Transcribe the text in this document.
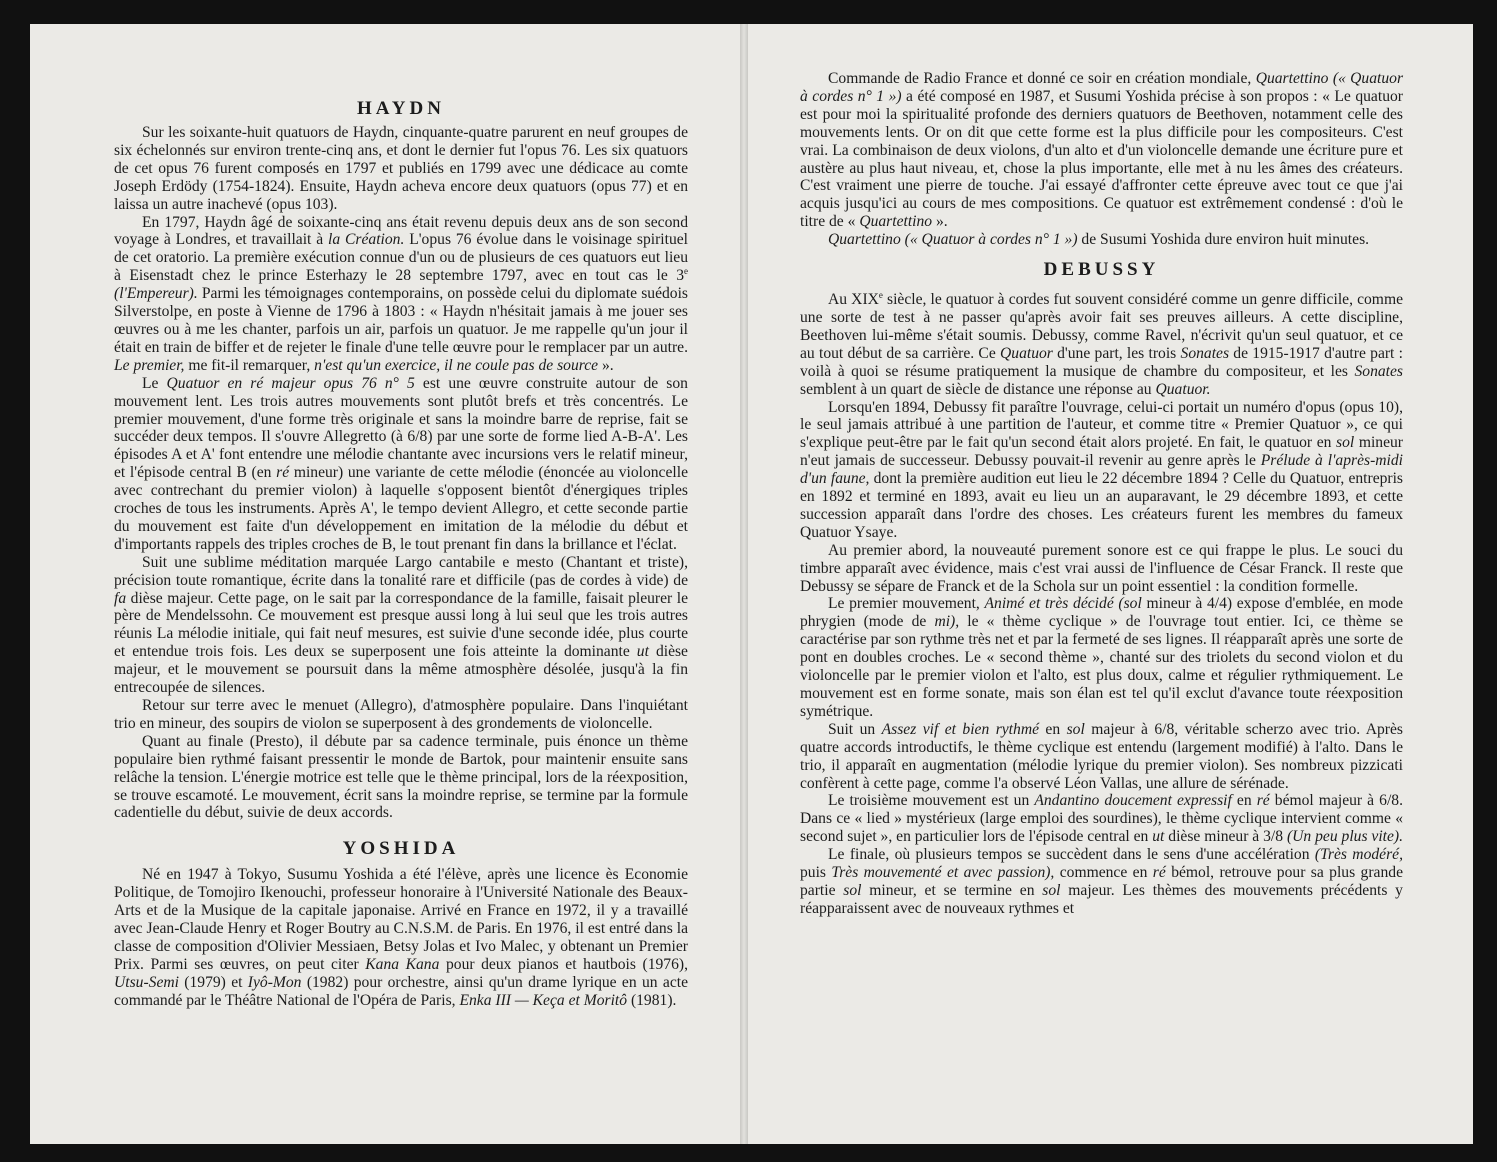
HAYDN

Sur les soixante-huit quatuors de Haydn, cinquante-quatre parurent en neuf groupes de six échelonnés sur environ trente-cinq ans, et dont le dernier fut l'opus 76. Les six quatuors de cet opus 76 furent composés en 1797 et publiés en 1799 avec une dédicace au comte Joseph Erdödy (1754-1824). Ensuite, Haydn acheva encore deux quatuors (opus 77) et en laissa un autre inachevé (opus 103).

En 1797, Haydn âgé de soixante-cinq ans était revenu depuis deux ans de son second voyage à Londres, et travaillait à la Création. L'opus 76 évolue dans le voisinage spirituel de cet oratorio. La première exécution connue d'un ou de plusieurs de ces quatuors eut lieu à Eisenstadt chez le prince Esterhazy le 28 septembre 1797, avec en tout cas le 3e (l'Empereur). Parmi les témoignages contemporains, on possède celui du diplomate suédois Silverstolpe, en poste à Vienne de 1796 à 1803 : « Haydn n'hésitait jamais à me jouer ses œuvres ou à me les chanter, parfois un air, parfois un quatuor. Je me rappelle qu'un jour il était en train de biffer et de rejeter le finale d'une telle œuvre pour le remplacer par un autre. Le premier, me fit-il remarquer, n'est qu'un exercice, il ne coule pas de source ».

Le Quatuor en ré majeur opus 76 n° 5 est une œuvre construite autour de son mouvement lent. Les trois autres mouvements sont plutôt brefs et très concentrés. Le premier mouvement, d'une forme très originale et sans la moindre barre de reprise, fait se succéder deux tempos. Il s'ouvre Allegretto (à 6/8) par une sorte de forme lied A-B-A'. Les épisodes A et A' font entendre une mélodie chantante avec incursions vers le relatif mineur, et l'épisode central B (en ré mineur) une variante de cette mélodie (énoncée au violoncelle avec contrechant du premier violon) à laquelle s'opposent bientôt d'énergiques triples croches de tous les instruments. Après A', le tempo devient Allegro, et cette seconde partie du mouvement est faite d'un développement en imitation de la mélodie du début et d'importants rappels des triples croches de B, le tout prenant fin dans la brillance et l'éclat.

Suit une sublime méditation marquée Largo cantabile e mesto (Chantant et triste), précision toute romantique, écrite dans la tonalité rare et difficile (pas de cordes à vide) de fa dièse majeur. Cette page, on le sait par la correspondance de la famille, faisait pleurer le père de Mendelssohn. Ce mouvement est presque aussi long à lui seul que les trois autres réunis La mélodie initiale, qui fait neuf mesures, est suivie d'une seconde idée, plus courte et entendue trois fois. Les deux se superposent une fois atteinte la dominante ut dièse majeur, et le mouvement se poursuit dans la même atmosphère désolée, jusqu'à la fin entrecoupée de silences.

Retour sur terre avec le menuet (Allegro), d'atmosphère populaire. Dans l'inquiétant trio en mineur, des soupirs de violon se superposent à des grondements de violoncelle.

Quant au finale (Presto), il débute par sa cadence terminale, puis énonce un thème populaire bien rythmé faisant pressentir le monde de Bartok, pour maintenir ensuite sans relâche la tension. L'énergie motrice est telle que le thème principal, lors de la réexposition, se trouve escamoté. Le mouvement, écrit sans la moindre reprise, se termine par la formule cadentielle du début, suivie de deux accords.

YOSHIDA

Né en 1947 à Tokyo, Susumu Yoshida a été l'élève, après une licence ès Economie Politique, de Tomojiro Ikenouchi, professeur honoraire à l'Université Nationale des Beaux-Arts et de la Musique de la capitale japonaise. Arrivé en France en 1972, il y a travaillé avec Jean-Claude Henry et Roger Boutry au C.N.S.M. de Paris. En 1976, il est entré dans la classe de composition d'Olivier Messiaen, Betsy Jolas et Ivo Malec, y obtenant un Premier Prix. Parmi ses œuvres, on peut citer Kana Kana pour deux pianos et hautbois (1976), Utsu-Semi (1979) et Iyô-Mon (1982) pour orchestre, ainsi qu'un drame lyrique en un acte commandé par le Théâtre National de l'Opéra de Paris, Enka III — Keça et Moritô (1981).

Commande de Radio France et donné ce soir en création mondiale, Quartettino (« Quatuor à cordes n° 1 ») a été composé en 1987, et Susumi Yoshida précise à son propos : « Le quatuor est pour moi la spiritualité profonde des derniers quatuors de Beethoven, notamment celle des mouvements lents. Or on dit que cette forme est la plus difficile pour les compositeurs. C'est vrai. La combinaison de deux violons, d'un alto et d'un violoncelle demande une écriture pure et austère au plus haut niveau, et, chose la plus importante, elle met à nu les âmes des créateurs. C'est vraiment une pierre de touche. J'ai essayé d'affronter cette épreuve avec tout ce que j'ai acquis jusqu'ici au cours de mes compositions. Ce quatuor est extrêmement condensé : d'où le titre de « Quartettino ».

Quartettino (« Quatuor à cordes n° 1 ») de Susumi Yoshida dure environ huit minutes.

DEBUSSY

Au XIXe siècle, le quatuor à cordes fut souvent considéré comme un genre difficile, comme une sorte de test à ne passer qu'après avoir fait ses preuves ailleurs. A cette discipline, Beethoven lui-même s'était soumis. Debussy, comme Ravel, n'écrivit qu'un seul quatuor, et ce au tout début de sa carrière. Ce Quatuor d'une part, les trois Sonates de 1915-1917 d'autre part : voilà à quoi se résume pratiquement la musique de chambre du compositeur, et les Sonates semblent à un quart de siècle de distance une réponse au Quatuor.

Lorsqu'en 1894, Debussy fit paraître l'ouvrage, celui-ci portait un numéro d'opus (opus 10), le seul jamais attribué à une partition de l'auteur, et comme titre « Premier Quatuor », ce qui s'explique peut-être par le fait qu'un second était alors projeté. En fait, le quatuor en sol mineur n'eut jamais de successeur. Debussy pouvait-il revenir au genre après le Prélude à l'après-midi d'un faune, dont la première audition eut lieu le 22 décembre 1894 ? Celle du Quatuor, entrepris en 1892 et terminé en 1893, avait eu lieu un an auparavant, le 29 décembre 1893, et cette succession apparaît dans l'ordre des choses. Les créateurs furent les membres du fameux Quatuor Ysaye.

Au premier abord, la nouveauté purement sonore est ce qui frappe le plus. Le souci du timbre apparaît avec évidence, mais c'est vrai aussi de l'influence de César Franck. Il reste que Debussy se sépare de Franck et de la Schola sur un point essentiel : la condition formelle.

Le premier mouvement, Animé et très décidé (sol mineur à 4/4) expose d'emblée, en mode phrygien (mode de mi), le « thème cyclique » de l'ouvrage tout entier. Ici, ce thème se caractérise par son rythme très net et par la fermeté de ses lignes. Il réapparaît après une sorte de pont en doubles croches. Le « second thème », chanté sur des triolets du second violon et du violoncelle par le premier violon et l'alto, est plus doux, calme et régulier rythmiquement. Le mouvement est en forme sonate, mais son élan est tel qu'il exclut d'avance toute réexposition symétrique.

Suit un Assez vif et bien rythmé en sol majeur à 6/8, véritable scherzo avec trio. Après quatre accords introductifs, le thème cyclique est entendu (largement modifié) à l'alto. Dans le trio, il apparaît en augmentation (mélodie lyrique du premier violon). Ses nombreux pizzicati confèrent à cette page, comme l'a observé Léon Vallas, une allure de sérénade.

Le troisième mouvement est un Andantino doucement expressif en ré bémol majeur à 6/8. Dans ce « lied » mystérieux (large emploi des sourdines), le thème cyclique intervient comme « second sujet », en particulier lors de l'épisode central en ut dièse mineur à 3/8 (Un peu plus vite).

Le finale, où plusieurs tempos se succèdent dans le sens d'une accélération (Très modéré, puis Très mouvementé et avec passion), commence en ré bémol, retrouve pour sa plus grande partie sol mineur, et se termine en sol majeur. Les thèmes des mouvements précédents y réapparaissent avec de nouveaux rythmes et
